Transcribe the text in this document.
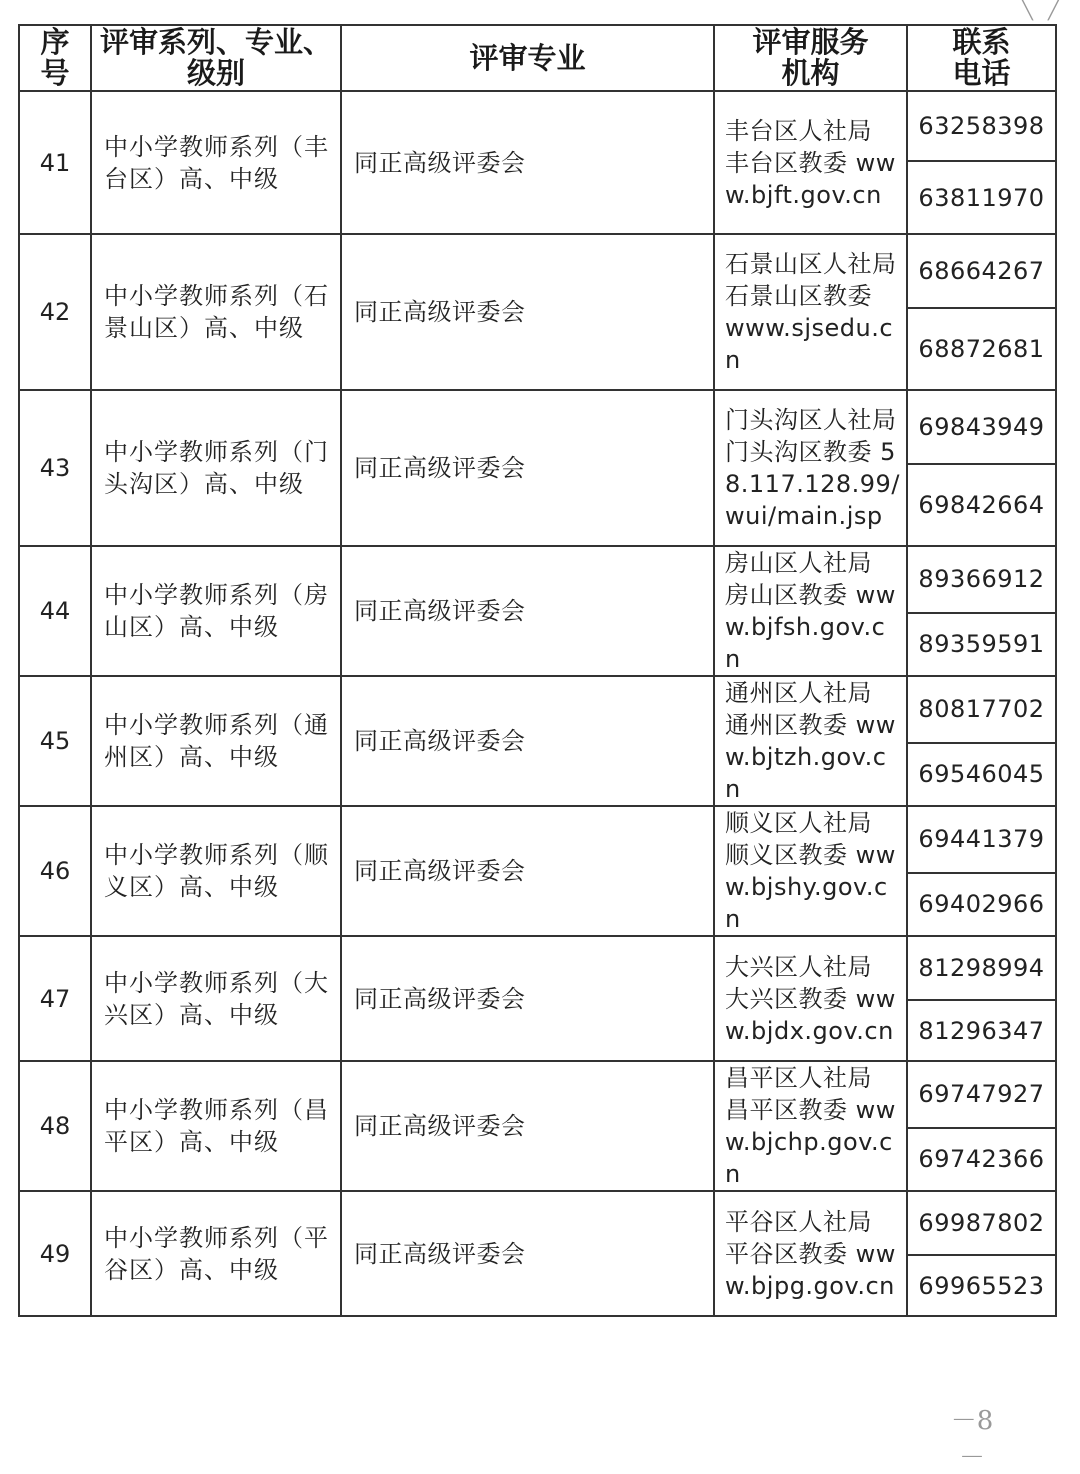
序号	评审系列、专业、级别	评审专业	评审服务机构	联系电话

41	中小学教师系列（丰台区）高、中级	同正高级评委会	丰台区人社局 丰台区教委 www.bjft.gov.cn	63258398
				63811970
42	中小学教师系列（石景山区）高、中级	同正高级评委会	石景山区人社局 石景山区教委 www.sjsedu.cn	68664267
				68872681
43	中小学教师系列（门头沟区）高、中级	同正高级评委会	门头沟区人社局 门头沟区教委 58.117.128.99/wui/main.jsp	69843949
				69842664
44	中小学教师系列（房山区）高、中级	同正高级评委会	房山区人社局 房山区教委 www.bjfsh.gov.cn	89366912
				89359591
45	中小学教师系列（通州区）高、中级	同正高级评委会	通州区人社局 通州区教委 www.bjtzh.gov.cn	80817702
				69546045
46	中小学教师系列（顺义区）高、中级	同正高级评委会	顺义区人社局 顺义区教委 www.bjshy.gov.cn	69441379
				69402966
47	中小学教师系列（大兴区）高、中级	同正高级评委会	大兴区人社局 大兴区教委 www.bjdx.gov.cn	81298994
				81296347
48	中小学教师系列（昌平区）高、中级	同正高级评委会	昌平区人社局 昌平区教委 www.bjchp.gov.cn	69747927
				69742366
49	中小学教师系列（平谷区）高、中级	同正高级评委会	平谷区人社局 平谷区教委 www.bjpg.gov.cn	69987802
				69965523
╲ ╱
－8－
